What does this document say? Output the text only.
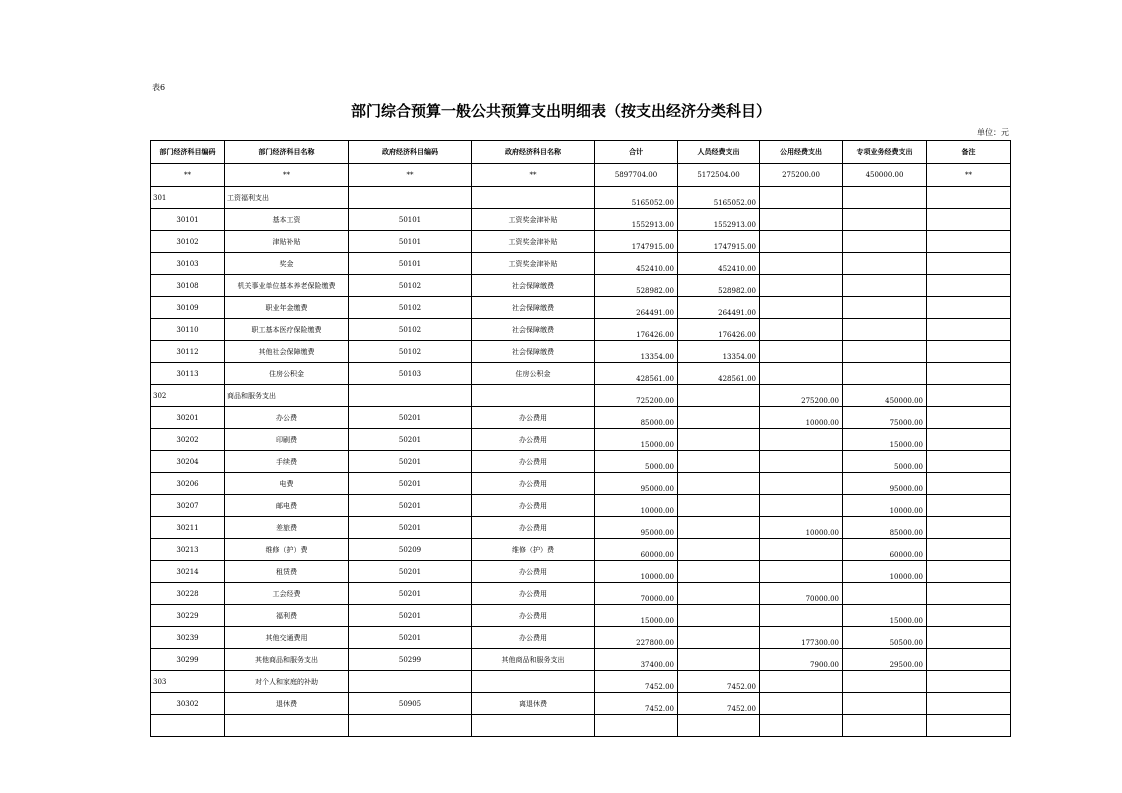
表6
部门综合预算一般公共预算支出明细表（按支出经济分类科目）
单位：元
部门经济科目编码	部门经济科目名称	政府经济科目编码	政府经济科目名称	合计	人员经费支出	公用经费支出	专项业务经费支出	备注
**	**	**	**	5897704.00	5172504.00	275200.00	450000.00	**
301	工资福利支出			5165052.00	5165052.00			

30101	基本工资	50101	工资奖金津补贴	1552913.00	1552913.00			

30102	津贴补贴	50101	工资奖金津补贴	1747915.00	1747915.00			

30103	奖金	50101	工资奖金津补贴	452410.00	452410.00			

30108	机关事业单位基本养老保险缴费	50102	社会保障缴费	528982.00	528982.00			

30109	职业年金缴费	50102	社会保障缴费	264491.00	264491.00			

30110	职工基本医疗保险缴费	50102	社会保障缴费	176426.00	176426.00			

30112	其他社会保障缴费	50102	社会保障缴费	13354.00	13354.00			

30113	住房公积金	50103	住房公积金	428561.00	428561.00			

302	商品和服务支出			725200.00		275200.00	450000.00	

30201	办公费	50201	办公费用	85000.00		10000.00	75000.00	

30202	印刷费	50201	办公费用	15000.00			15000.00	

30204	手续费	50201	办公费用	5000.00			5000.00	

30206	电费	50201	办公费用	95000.00			95000.00	

30207	邮电费	50201	办公费用	10000.00			10000.00	

30211	差旅费	50201	办公费用	95000.00		10000.00	85000.00	

30213	维修（护）费	50209	维修（护）费	60000.00			60000.00	

30214	租赁费	50201	办公费用	10000.00			10000.00	

30228	工会经费	50201	办公费用	70000.00		70000.00		

30229	福利费	50201	办公费用	15000.00			15000.00	

30239	其他交通费用	50201	办公费用	227800.00		177300.00	50500.00	

30299	其他商品和服务支出	50299	其他商品和服务支出	37400.00		7900.00	29500.00	

303	对个人和家庭的补助			7452.00	7452.00			

30302	退休费	50905	离退休费	7452.00	7452.00			
